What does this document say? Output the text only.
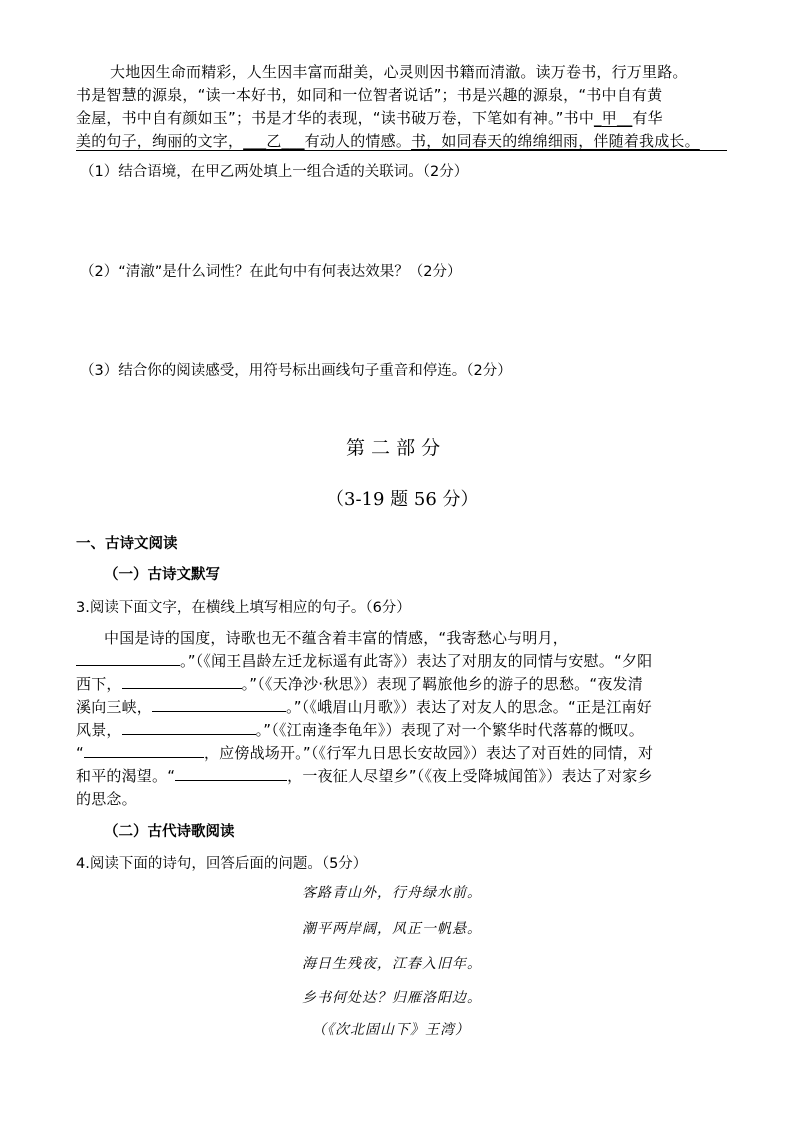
大地因生命而精彩，人生因丰富而甜美，心灵则因书籍而清澈。读万卷书，行万里路。
书是智慧的源泉，“读一本好书，如同和一位智者说话”；书是兴趣的源泉，“书中自有黄
金屋，书中自有颜如玉”；书是才华的表现，“读书破万卷，下笔如有神。”书中_甲__有华
美的句子，绚丽的文字，___乙___有动人的情感。书，如同春天的绵绵细雨，伴随着我成长。
（1）结合语境，在甲乙两处填上一组合适的关联词。（2分）
（2）“清澈”是什么词性？在此句中有何表达效果？（2分）
（3）结合你的阅读感受，用符号标出画线句子重音和停连。（2分）
第 二 部 分
（3-19 题 56 分）
一、古诗文阅读
（一）古诗文默写
3.阅读下面文字，在横线上填写相应的句子。（6分）
中国是诗的国度，诗歌也无不蕴含着丰富的情感，“我寄愁心与明月，
。”（《闻王昌龄左迁龙标遥有此寄》）表达了对朋友的同情与安慰。“夕阳
西下，	。”（《天净沙·秋思》）表现了羁旅他乡的游子的思愁。“夜发清
溪向三峡，	。”（《峨眉山月歌》）表达了对友人的思念。“正是江南好
风景，	。”（《江南逢李龟年》）表现了对一个繁华时代落幕的慨叹。
“	，应傍战场开。”（《行军九日思长安故园》）表达了对百姓的同情，对
和平的渴望。“	，一夜征人尽望乡”（《夜上受降城闻笛》）表达了对家乡
的思念。
（二）古代诗歌阅读
4.阅读下面的诗句，回答后面的问题。（5分）
客路青山外，行舟绿水前。
潮平两岸阔，风正一帆悬。
海日生残夜，江春入旧年。
乡书何处达？归雁洛阳边。
（《次北固山下》王湾）
